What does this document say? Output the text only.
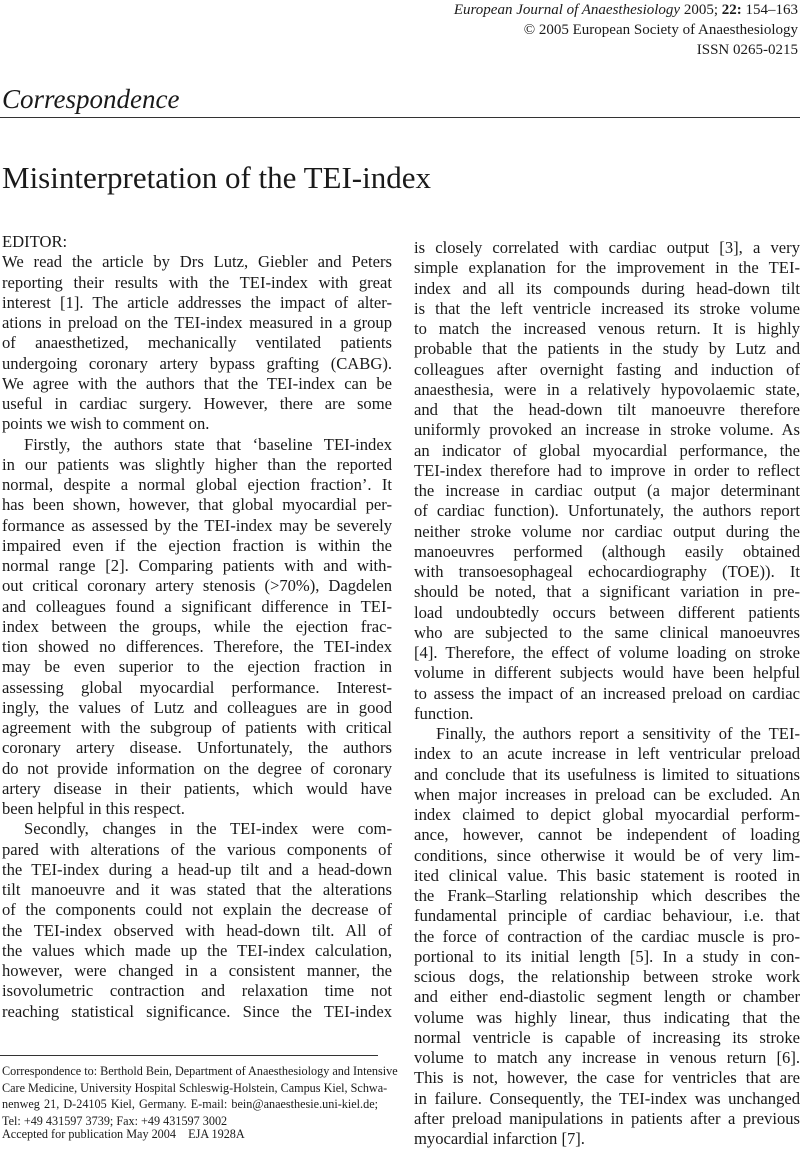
European Journal of Anaesthesiology 2005; 22: 154–163
© 2005 European Society of Anaesthesiology
ISSN 0265-0215
Correspondence
Misinterpretation of the TEI-index
EDITOR:
We read the article by Drs Lutz, Giebler and Peters
reporting their results with the TEI-index with great
interest [1]. The article addresses the impact of alter-
ations in preload on the TEI-index measured in a group
of anaesthetized, mechanically ventilated patients
undergoing coronary artery bypass grafting (CABG).
We agree with the authors that the TEI-index can be
useful in cardiac surgery. However, there are some
points we wish to comment on.
Firstly, the authors state that ‘baseline TEI-index
in our patients was slightly higher than the reported
normal, despite a normal global ejection fraction’. It
has been shown, however, that global myocardial per-
formance as assessed by the TEI-index may be severely
impaired even if the ejection fraction is within the
normal range [2]. Comparing patients with and with-
out critical coronary artery stenosis (>70%), Dagdelen
and colleagues found a significant difference in TEI-
index between the groups, while the ejection frac-
tion showed no differences. Therefore, the TEI-index
may be even superior to the ejection fraction in
assessing global myocardial performance. Interest-
ingly, the values of Lutz and colleagues are in good
agreement with the subgroup of patients with critical
coronary artery disease. Unfortunately, the authors
do not provide information on the degree of coronary
artery disease in their patients, which would have
been helpful in this respect.
Secondly, changes in the TEI-index were com-
pared with alterations of the various components of
the TEI-index during a head-up tilt and a head-down
tilt manoeuvre and it was stated that the alterations
of the components could not explain the decrease of
the TEI-index observed with head-down tilt. All of
the values which made up the TEI-index calculation,
however, were changed in a consistent manner, the
isovolumetric contraction and relaxation time not
reaching statistical significance. Since the TEI-index
is closely correlated with cardiac output [3], a very
simple explanation for the improvement in the TEI-
index and all its compounds during head-down tilt
is that the left ventricle increased its stroke volume
to match the increased venous return. It is highly
probable that the patients in the study by Lutz and
colleagues after overnight fasting and induction of
anaesthesia, were in a relatively hypovolaemic state,
and that the head-down tilt manoeuvre therefore
uniformly provoked an increase in stroke volume. As
an indicator of global myocardial performance, the
TEI-index therefore had to improve in order to reflect
the increase in cardiac output (a major determinant
of cardiac function). Unfortunately, the authors report
neither stroke volume nor cardiac output during the
manoeuvres performed (although easily obtained
with transoesophageal echocardiography (TOE)). It
should be noted, that a significant variation in pre-
load undoubtedly occurs between different patients
who are subjected to the same clinical manoeuvres
[4]. Therefore, the effect of volume loading on stroke
volume in different subjects would have been helpful
to assess the impact of an increased preload on cardiac
function.
Finally, the authors report a sensitivity of the TEI-
index to an acute increase in left ventricular preload
and conclude that its usefulness is limited to situations
when major increases in preload can be excluded. An
index claimed to depict global myocardial perform-
ance, however, cannot be independent of loading
conditions, since otherwise it would be of very lim-
ited clinical value. This basic statement is rooted in
the Frank–Starling relationship which describes the
fundamental principle of cardiac behaviour, i.e. that
the force of contraction of the cardiac muscle is pro-
portional to its initial length [5]. In a study in con-
scious dogs, the relationship between stroke work
and either end-diastolic segment length or chamber
volume was highly linear, thus indicating that the
normal ventricle is capable of increasing its stroke
volume to match any increase in venous return [6].
This is not, however, the case for ventricles that are
in failure. Consequently, the TEI-index was unchanged
after preload manipulations in patients after a previous
myocardial infarction [7].
Correspondence to: Berthold Bein, Department of Anaesthesiology and Intensive
Care Medicine, University Hospital Schleswig-Holstein, Campus Kiel, Schwa-
nenweg 21, D-24105 Kiel, Germany. E-mail: bein@anaesthesie.uni-kiel.de;
Tel: +49 431597 3739; Fax: +49 431597 3002
Accepted for publication May 2004 EJA 1928A
